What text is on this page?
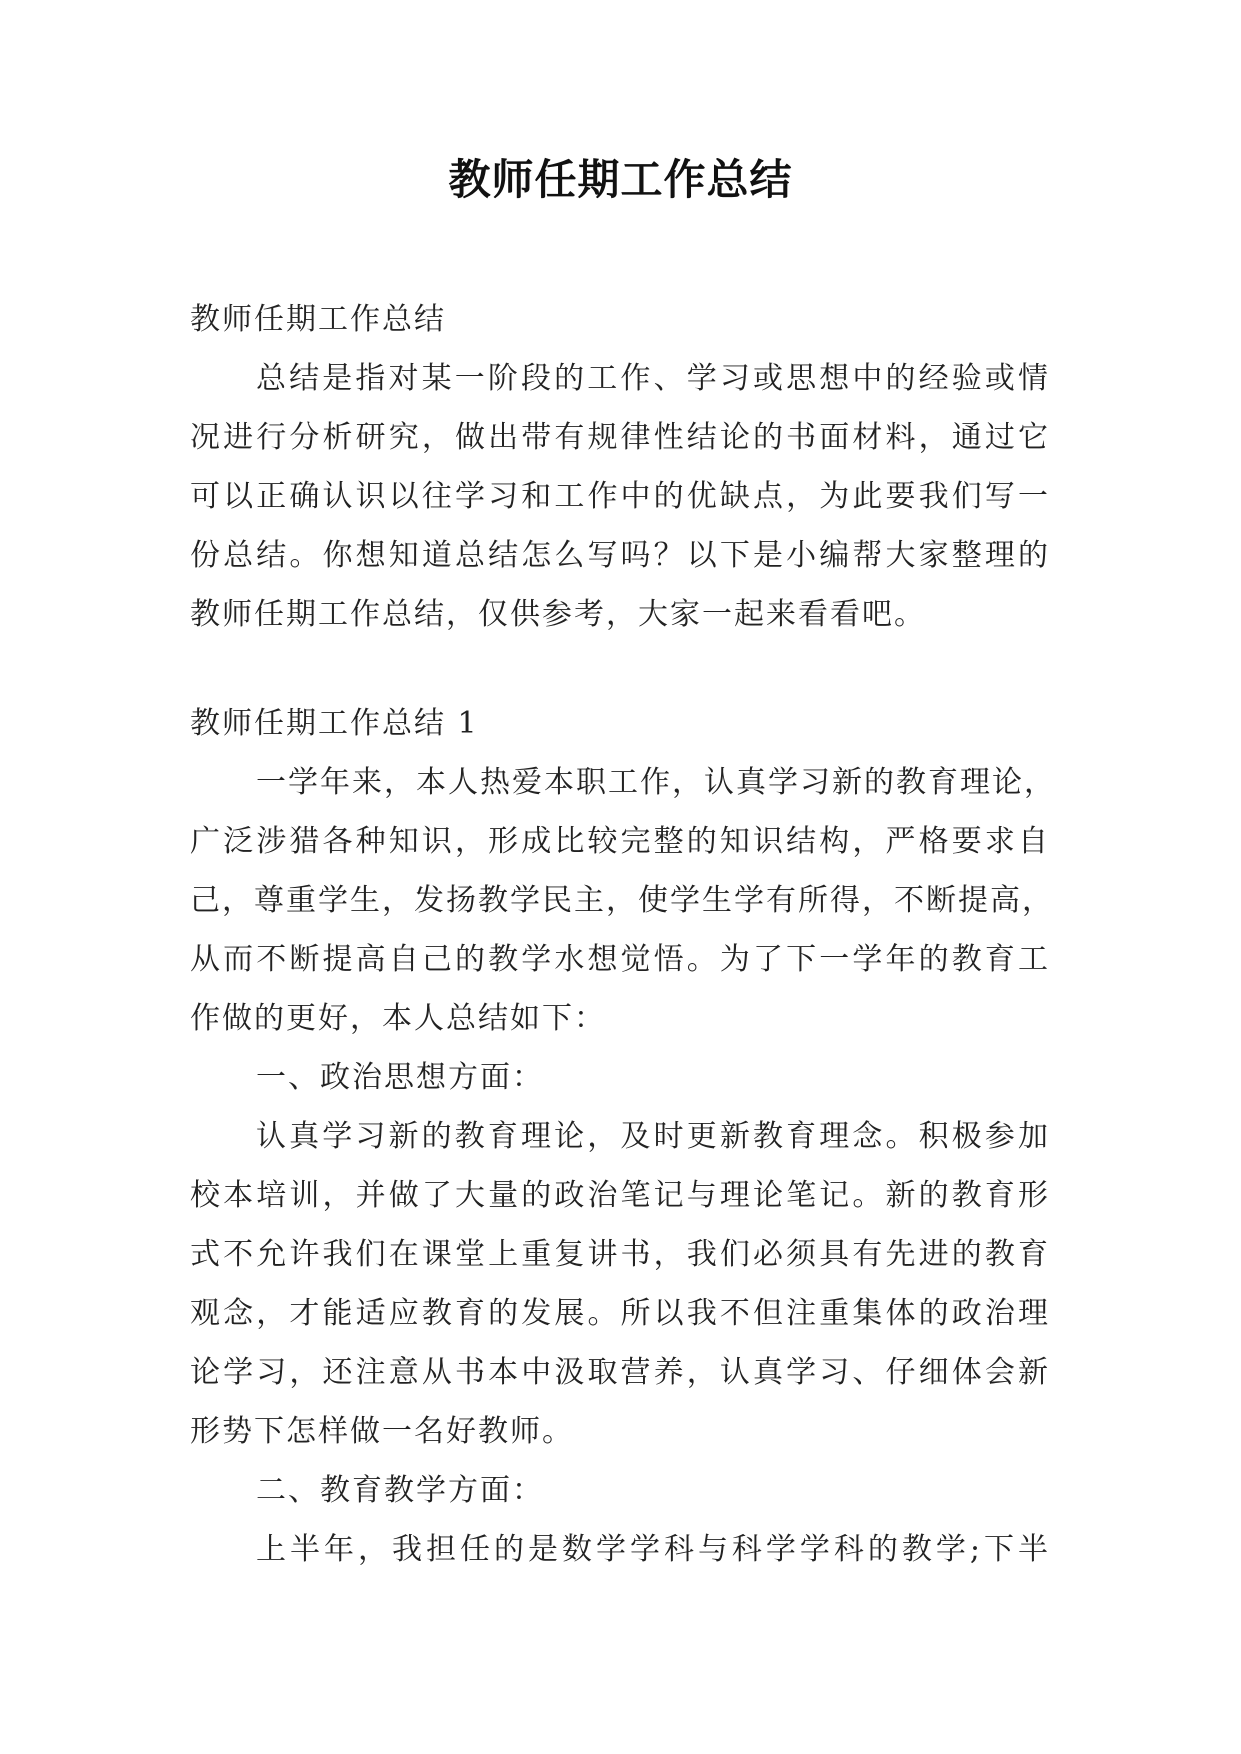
教师任期工作总结

教师任期工作总结

总结是指对某一阶段的工作、学习或思想中的经验或情

况进行分析研究，做出带有规律性结论的书面材料，通过它

可以正确认识以往学习和工作中的优缺点，为此要我们写一

份总结。你想知道总结怎么写吗？以下是小编帮大家整理的

教师任期工作总结，仅供参考，大家一起来看看吧。

教师任期工作总结 1

一学年来，本人热爱本职工作，认真学习新的教育理论，

广泛涉猎各种知识，形成比较完整的知识结构，严格要求自

己，尊重学生，发扬教学民主，使学生学有所得，不断提高，

从而不断提高自己的教学水想觉悟。为了下一学年的教育工

作做的更好，本人总结如下：

一、政治思想方面：

认真学习新的教育理论，及时更新教育理念。积极参加

校本培训，并做了大量的政治笔记与理论笔记。新的教育形

式不允许我们在课堂上重复讲书，我们必须具有先进的教育

观念，才能适应教育的发展。所以我不但注重集体的政治理

论学习，还注意从书本中汲取营养，认真学习、仔细体会新

形势下怎样做一名好教师。

二、教育教学方面：

上半年，我担任的是数学学科与科学学科的教学;下半
